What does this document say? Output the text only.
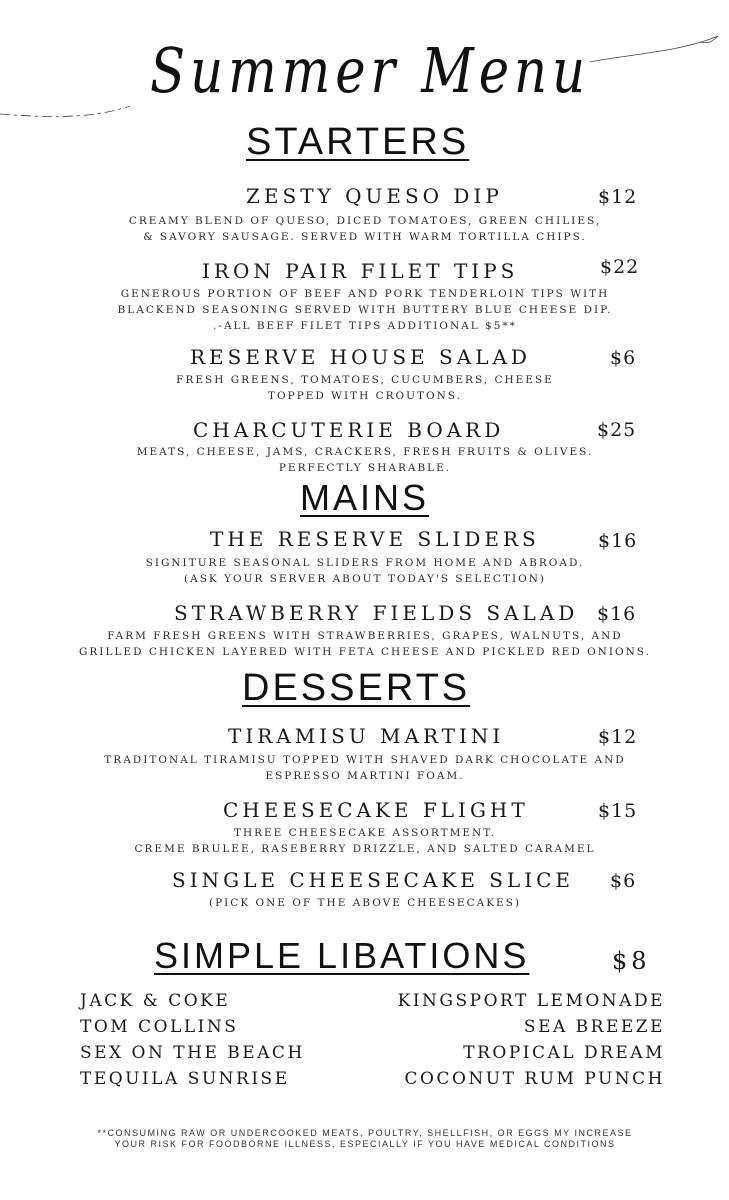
Summer Menu
STARTERS
ZESTY QUESO DIP	$12
CREAMY BLEND OF QUESO, DICED TOMATOES, GREEN CHILIES,
& SAVORY SAUSAGE. SERVED WITH WARM TORTILLA CHIPS.
IRON PAIR FILET TIPS	$22
GENEROUS PORTION OF BEEF AND PORK TENDERLOIN TIPS WITH
BLACKEND SEASONING SERVED WITH BUTTERY BLUE CHEESE DIP.
.-ALL BEEF FILET TIPS ADDITIONAL $5**
RESERVE HOUSE SALAD	$6
FRESH GREENS, TOMATOES, CUCUMBERS, CHEESE
TOPPED WITH CROUTONS.
CHARCUTERIE BOARD	$25
MEATS, CHEESE, JAMS, CRACKERS, FRESH FRUITS & OLIVES.
PERFECTLY SHARABLE.
MAINS
THE RESERVE SLIDERS	$16
SIGNITURE SEASONAL SLIDERS FROM HOME AND ABROAD.
(ASK YOUR SERVER ABOUT TODAY'S SELECTION)
STRAWBERRY FIELDS SALAD $16
FARM FRESH GREENS WITH STRAWBERRIES, GRAPES, WALNUTS, AND
GRILLED CHICKEN LAYERED WITH FETA CHEESE AND PICKLED RED ONIONS.
DESSERTS
TIRAMISU MARTINI	$12
TRADITONAL TIRAMISU TOPPED WITH SHAVED DARK CHOCOLATE AND
ESPRESSO MARTINI FOAM.
CHEESECAKE FLIGHT	$15
THREE CHEESECAKE ASSORTMENT.
CREME BRULEE, RASEBERRY DRIZZLE, AND SALTED CARAMEL
SINGLE CHEESECAKE SLICE $6
(PICK ONE OF THE ABOVE CHEESECAKES)
SIMPLE LIBATIONS	$8
JACK & COKE
TOM COLLINS
SEX ON THE BEACH
TEQUILA SUNRISE
KINGSPORT LEMONADE
SEA BREEZE
TROPICAL DREAM
COCONUT RUM PUNCH
**CONSUMING RAW OR UNDERCOOKED MEATS, POULTRY, SHELLFISH, OR EGGS MY INCREASE
YOUR RISK FOR FOODBORNE ILLNESS, ESPECIALLY IF YOU HAVE MEDICAL CONDITIONS
